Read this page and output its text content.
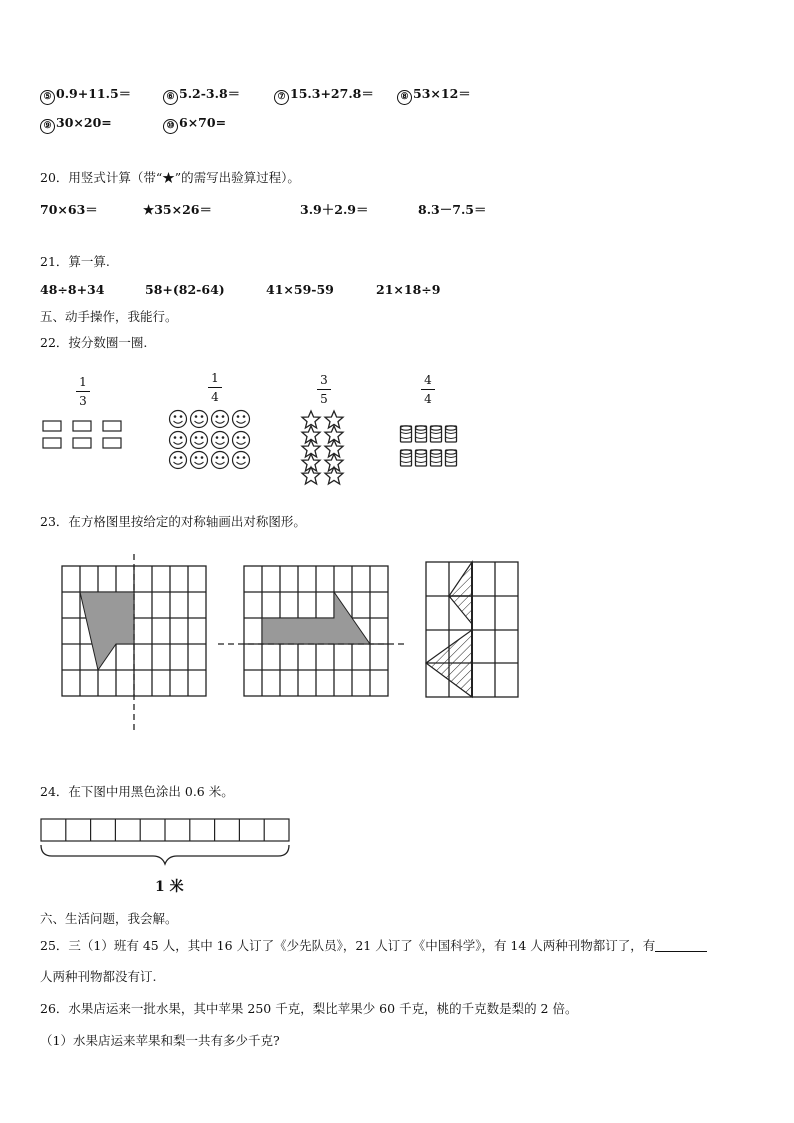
⑤ 0.9+11.5＝	⑥ 5.2-3.8＝	⑦ 15.3+27.8＝	⑧ 53×12＝
⑨ 30×20=	⑩ 6×70=
20．用竖式计算（带“★”的需写出验算过程）。
70×63＝	★35×26＝	3.9＋2.9＝	8.3－7.5＝
21．算一算.
48÷8+34	58+(82-64)	41×59-59	21×18÷9
五、动手操作，我能行。
22．按分数圈一圈.
1
3
1
4
3
5
4
4
23．在方格图里按给定的对称轴画出对称图形。
24．在下图中用黑色涂出 0.6 米。
1 米
六、生活问题，我会解。
25．三（1）班有 45 人，其中 16 人订了《少先队员》，21 人订了《中国科学》，有 14 人两种刊物都订了，有
人两种刊物都没有订.
26．水果店运来一批水果，其中苹果 250 千克，梨比苹果少 60 千克，桃的千克数是梨的 2 倍。
（1）水果店运来苹果和梨一共有多少千克?
